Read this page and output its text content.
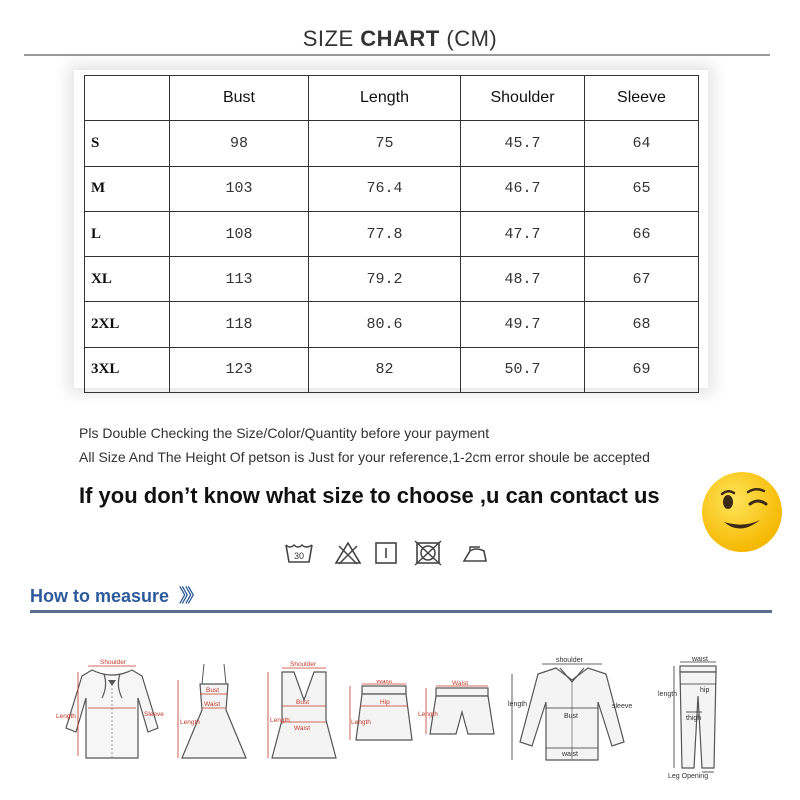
SIZE CHART (CM)
	Bust	Length	Shoulder	Sleeve
S	98	75	45.7	64
M	103	76.4	46.7	65
L	108	77.8	47.7	66
XL	113	79.2	48.7	67
2XL	118	80.6	49.7	68
3XL	123	82	50.7	69
Pls Double Checking the Size/Color/Quantity before your payment
All Size And The Height Of petson is Just for your reference,1-2cm error shoule be accepted
If you don’t know what size to choose ,u can contact us
30
How to measure 》》
Shoulder
Length	Sleeve
Bust
Waist
Length
Shoulder
Bust
Waist
Length
Waist
Hip
Length
Waist
Length
shoulder
Bust
waist
length	sleeve
waist
hip
thigh
length
Leg Opening
